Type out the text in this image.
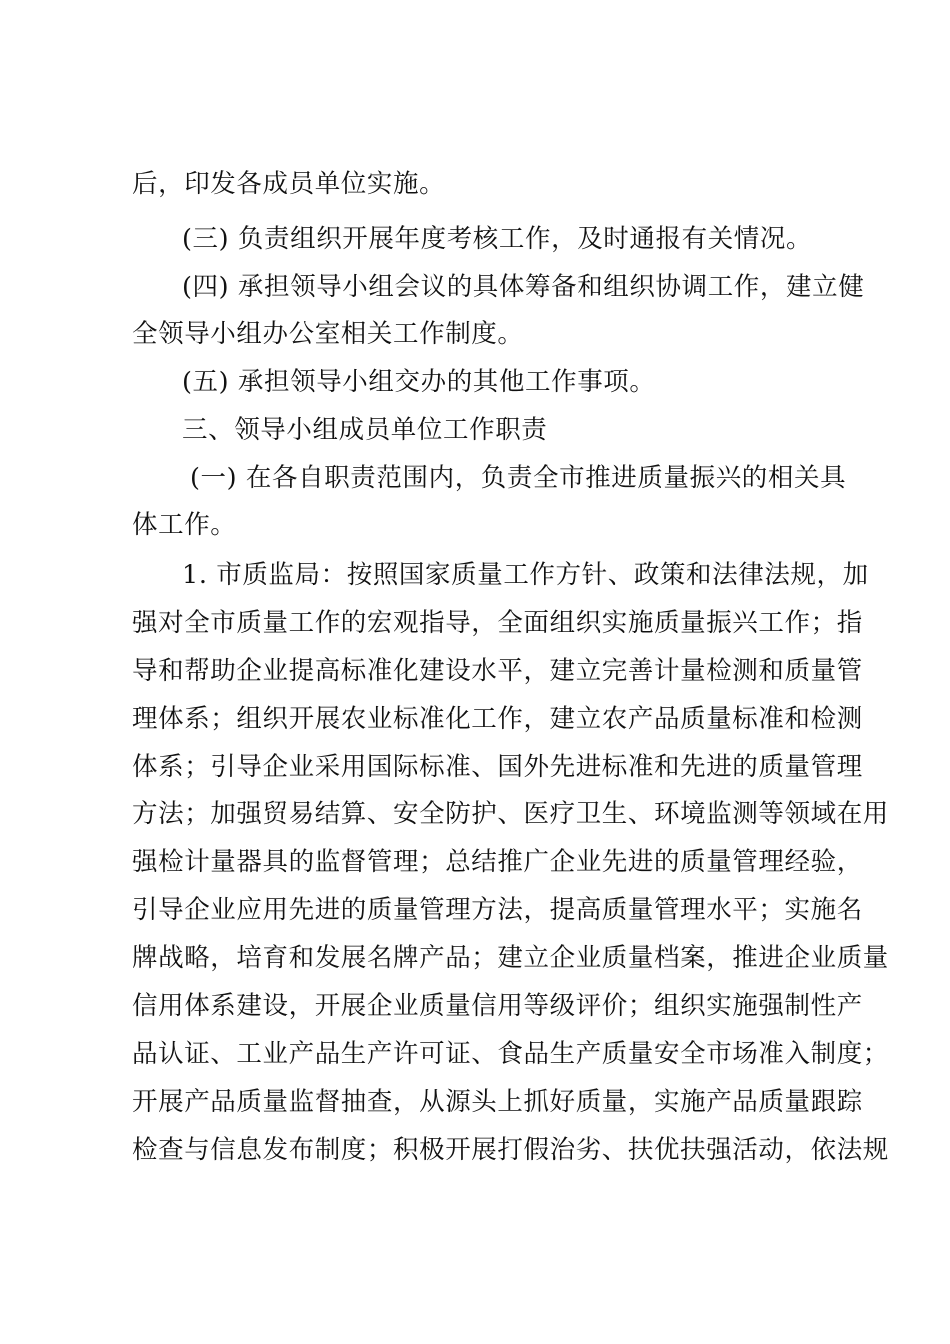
后，印发各成员单位实施。
(三) 负责组织开展年度考核工作，及时通报有关情况。
(四) 承担领导小组会议的具体筹备和组织协调工作，建立健
全领导小组办公室相关工作制度。
(五) 承担领导小组交办的其他工作事项。
三、领导小组成员单位工作职责
(一) 在各自职责范围内，负责全市推进质量振兴的相关具
体工作。
1. 市质监局：按照国家质量工作方针、政策和法律法规，加
强对全市质量工作的宏观指导，全面组织实施质量振兴工作；指
导和帮助企业提高标准化建设水平，建立完善计量检测和质量管
理体系；组织开展农业标准化工作，建立农产品质量标准和检测
体系；引导企业采用国际标准、国外先进标准和先进的质量管理
方法；加强贸易结算、安全防护、医疗卫生、环境监测等领域在用
强检计量器具的监督管理；总结推广企业先进的质量管理经验，
引导企业应用先进的质量管理方法，提高质量管理水平；实施名
牌战略，培育和发展名牌产品；建立企业质量档案，推进企业质量
信用体系建设，开展企业质量信用等级评价；组织实施强制性产
品认证、工业产品生产许可证、食品生产质量安全市场准入制度；
开展产品质量监督抽查，从源头上抓好质量，实施产品质量跟踪
检查与信息发布制度；积极开展打假治劣、扶优扶强活动，依法规
